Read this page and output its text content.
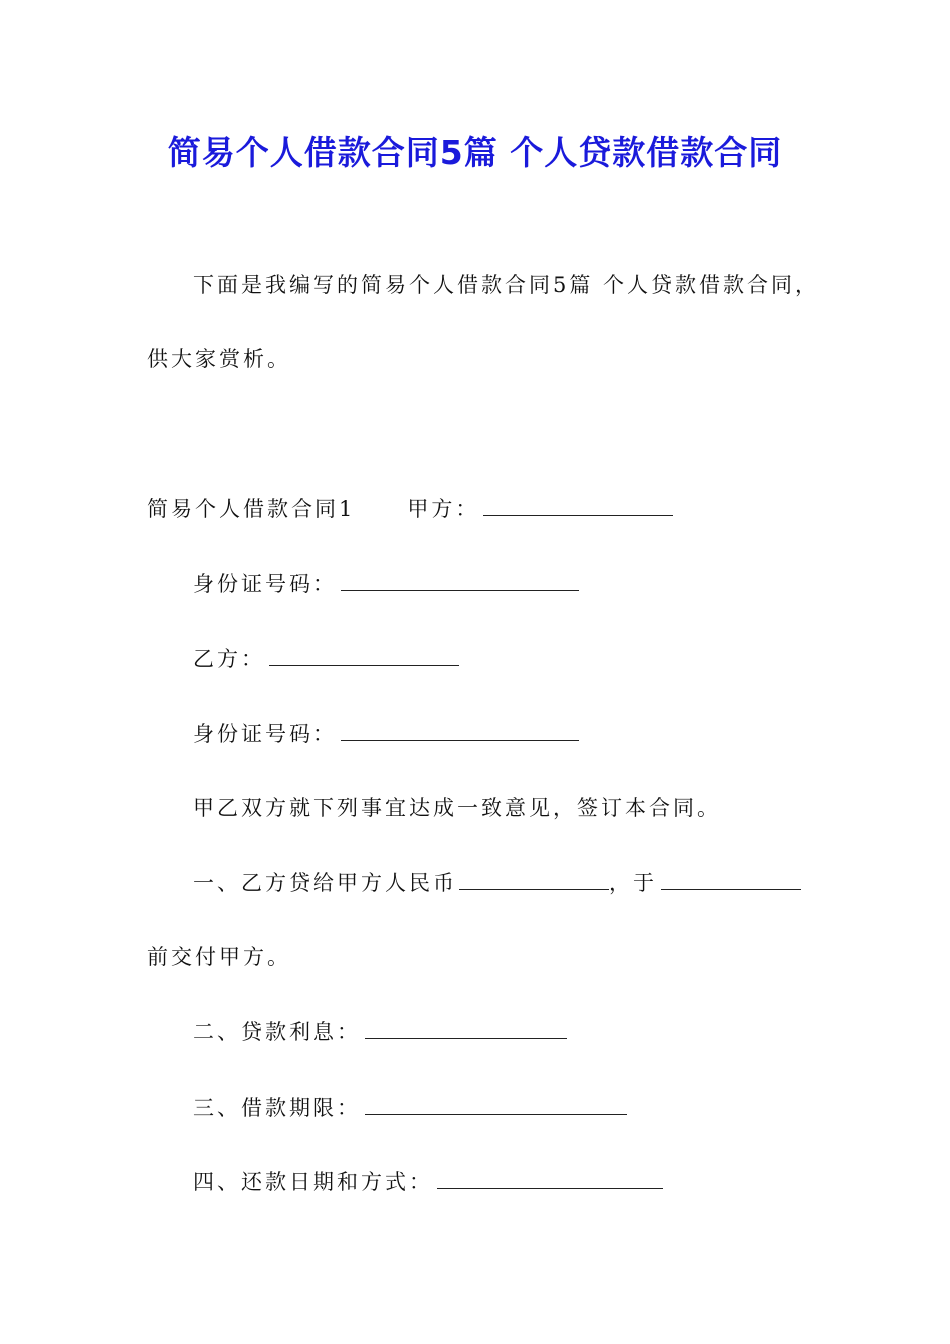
简易个人借款合同5篇 个人贷款借款合同
下面是我编写的简易个人借款合同5篇 个人贷款借款合同，
供大家赏析。
简易个人借款合同1 甲方：
身份证号码：
乙方：
身份证号码：
甲乙双方就下列事宜达成一致意见，签订本合同。
一、乙方贷给甲方人民币	，于
前交付甲方。
二、贷款利息：
三、借款期限：
四、还款日期和方式：
